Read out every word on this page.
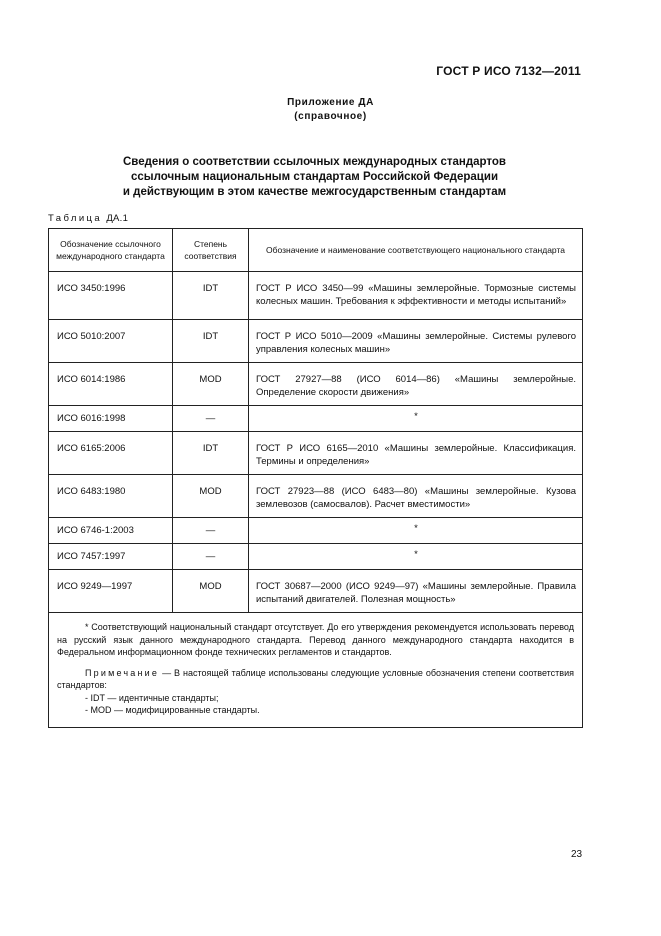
ГОСТ Р ИСО 7132—2011
Приложение ДА
(справочное)
Сведения о соответствии ссылочных международных стандартов
ссылочным национальным стандартам Российской Федерации
и действующим в этом качестве межгосударственным стандартам
Таблица ДА.1
Обозначение ссылочного международного стандарта	Степень соответствия	Обозначение и наименование соответствующего национального стандарта
ИСО 3450:1996	IDT	ГОСТ Р ИСО 3450—99 «Машины землеройные. Тормозные системы колесных машин. Требования к эффективности и методы испытаний»
ИСО 5010:2007	IDT	ГОСТ Р ИСО 5010—2009 «Машины землеройные. Системы рулевого управления колесных машин»
ИСО 6014:1986	MOD	ГОСТ 27927—88 (ИСО 6014—86) «Машины землеройные. Определение скорости движения»
ИСО 6016:1998	—	*
ИСО 6165:2006	IDT	ГОСТ Р ИСО 6165—2010 «Машины землеройные. Классификация. Термины и определения»
ИСО 6483:1980	MOD	ГОСТ 27923—88 (ИСО 6483—80) «Машины землеройные. Кузова землевозов (самосвалов). Расчет вместимости»
ИСО 6746-1:2003	—	*
ИСО 7457:1997	—	*
ИСО 9249—1997	MOD	ГОСТ 30687—2000 (ИСО 9249—97) «Машины землеройные. Правила испытаний двигателей. Полезная мощность»

* Соответствующий национальный стандарт отсутствует. До его утверждения рекомендуется использовать перевод на русский язык данного международного стандарта. Перевод данного международного стандарта находится в Федеральном информационном фонде технических регламентов и стандартов.

Примечание — В настоящей таблице использованы следующие условные обозначения степени соответствия стандартов:

- IDT — идентичные стандарты;

- MOD — модифицированные стандарты.		

23
